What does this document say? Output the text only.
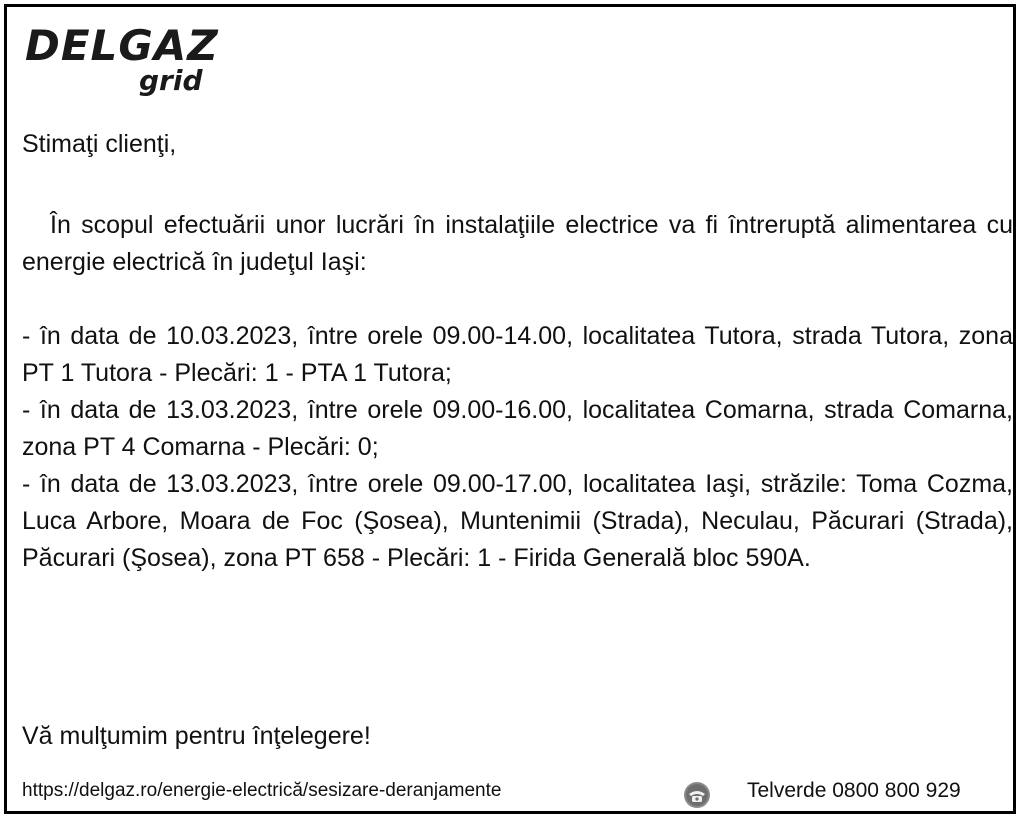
DELGAZ
grid
Stimaţi clienţi,

În scopul efectuării unor lucrări în instalaţiile electrice va fi întreruptă alimentarea cu energie electrică în judeţul Iaşi:

- în data de 10.03.2023, între orele 09.00-14.00, localitatea Tutora, strada Tutora, zona PT 1 Tutora - Plecări: 1 - PTA 1 Tutora;

- în data de 13.03.2023, între orele 09.00-16.00, localitatea Comarna, strada Comarna, zona PT 4 Comarna - Plecări: 0;

- în data de 13.03.2023, între orele 09.00-17.00, localitatea Iaşi, străzile: Toma Cozma, Luca Arbore, Moara de Foc (Şosea), Muntenimii (Strada), Neculau, Păcurari (Strada), Păcurari (Şosea), zona PT 658 - Plecări: 1 - Firida Generală bloc 590A.

Vă mulţumim pentru înţelegere!
https://delgaz.ro/energie-electrică/sesizare-deranjamente	Telverde 0800 800 929
